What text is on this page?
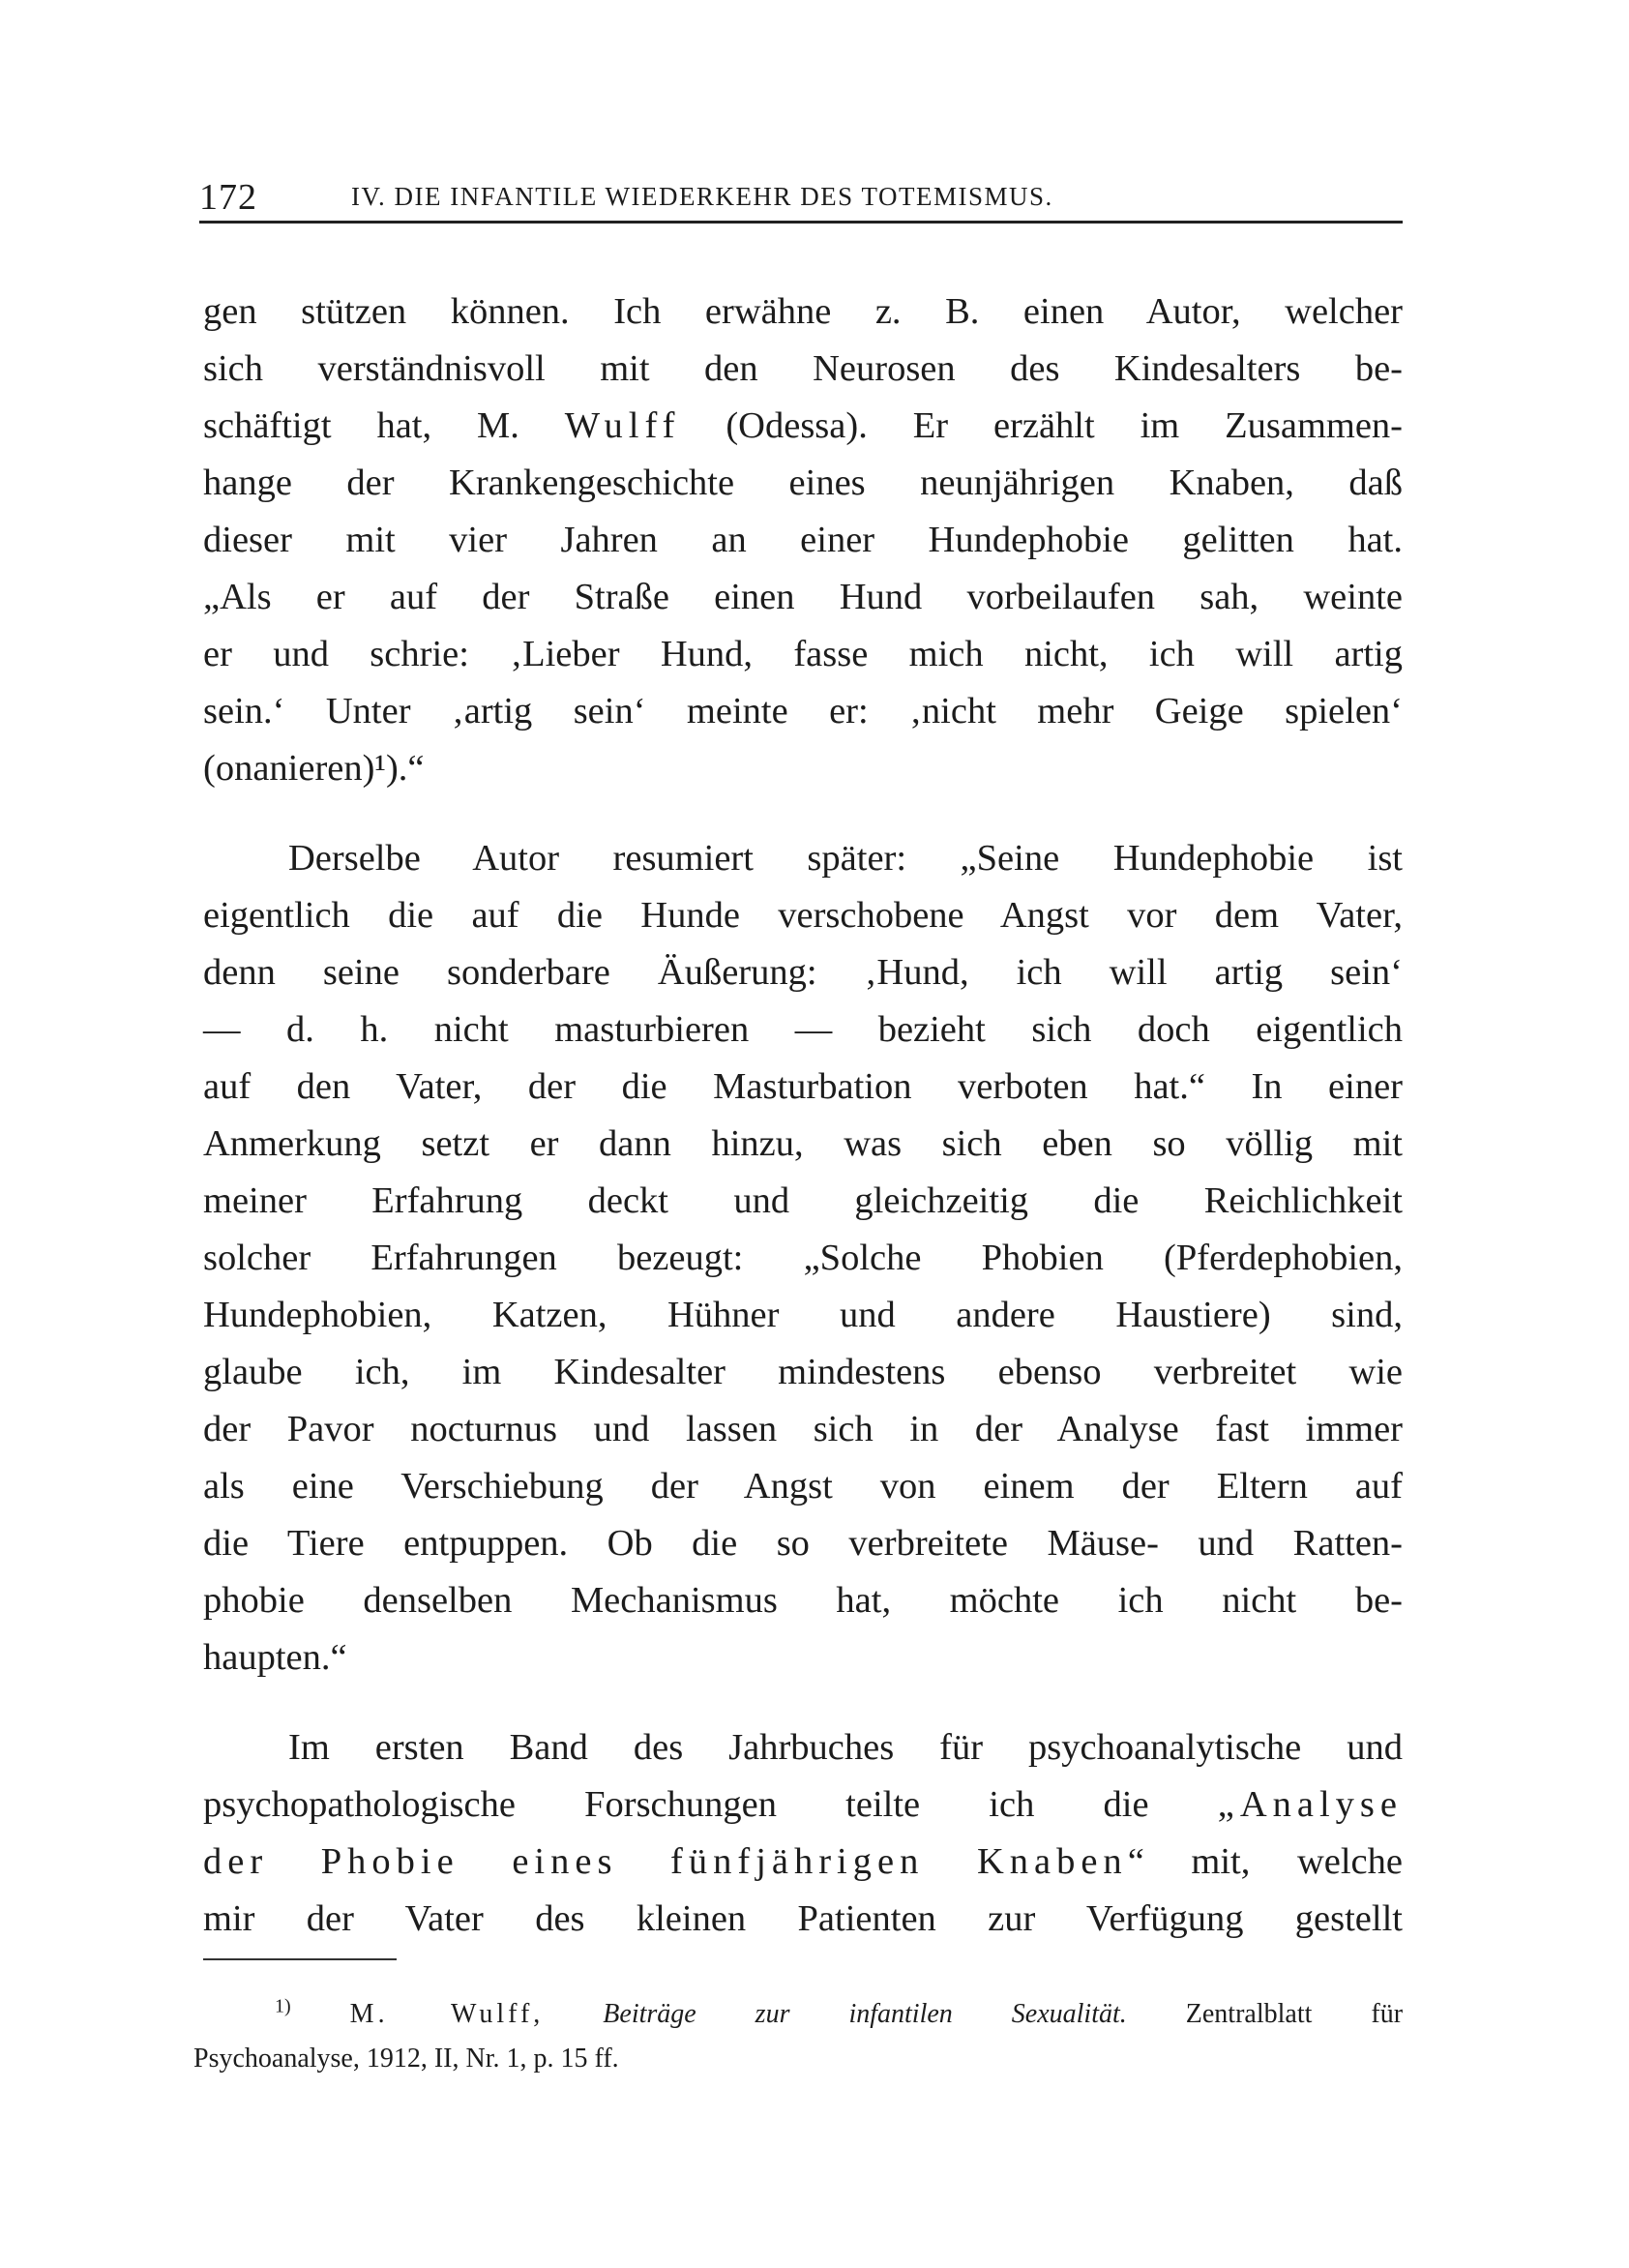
172	IV. DIE INFANTILE WIEDERKEHR DES TOTEMISMUS.
gen stützen können. Ich erwähne z. B. einen Autor, welcher
sich verständnisvoll mit den Neurosen des Kindesalters be-
schäftigt hat, M. Wulff (Odessa). Er erzählt im Zusammen-
hange der Krankengeschichte eines neunjährigen Knaben, daß
dieser mit vier Jahren an einer Hundephobie gelitten hat.
„Als er auf der Straße einen Hund vorbeilaufen sah, weinte
er und schrie: ‚Lieber Hund, fasse mich nicht, ich will artig
sein.‘ Unter ‚artig sein‘ meinte er: ‚nicht mehr Geige spielen‘
(onanieren)¹).“
Derselbe Autor resumiert später: „Seine Hundephobie ist
eigentlich die auf die Hunde verschobene Angst vor dem Vater,
denn seine sonderbare Äußerung: ‚Hund, ich will artig sein‘
— d. h. nicht masturbieren — bezieht sich doch eigentlich
auf den Vater, der die Masturbation verboten hat.“ In einer
Anmerkung setzt er dann hinzu, was sich eben so völlig mit
meiner Erfahrung deckt und gleichzeitig die Reichlichkeit
solcher Erfahrungen bezeugt: „Solche Phobien (Pferdephobien,
Hundephobien, Katzen, Hühner und andere Haustiere) sind,
glaube ich, im Kindesalter mindestens ebenso verbreitet wie
der Pavor nocturnus und lassen sich in der Analyse fast immer
als eine Verschiebung der Angst von einem der Eltern auf
die Tiere entpuppen. Ob die so verbreitete Mäuse- und Ratten-
phobie denselben Mechanismus hat, möchte ich nicht be-
haupten.“
Im ersten Band des Jahrbuches für psychoanalytische und
psychopathologische Forschungen teilte ich die „Analyse
der Phobie eines fünfjährigen Knaben“ mit, welche
mir der Vater des kleinen Patienten zur Verfügung gestellt
$^{1)}$ M. Wulff, Beiträge zur infantilen Sexualität. Zentralblatt für
Psychoanalyse, 1912, II, Nr. 1, p. 15 ff.
